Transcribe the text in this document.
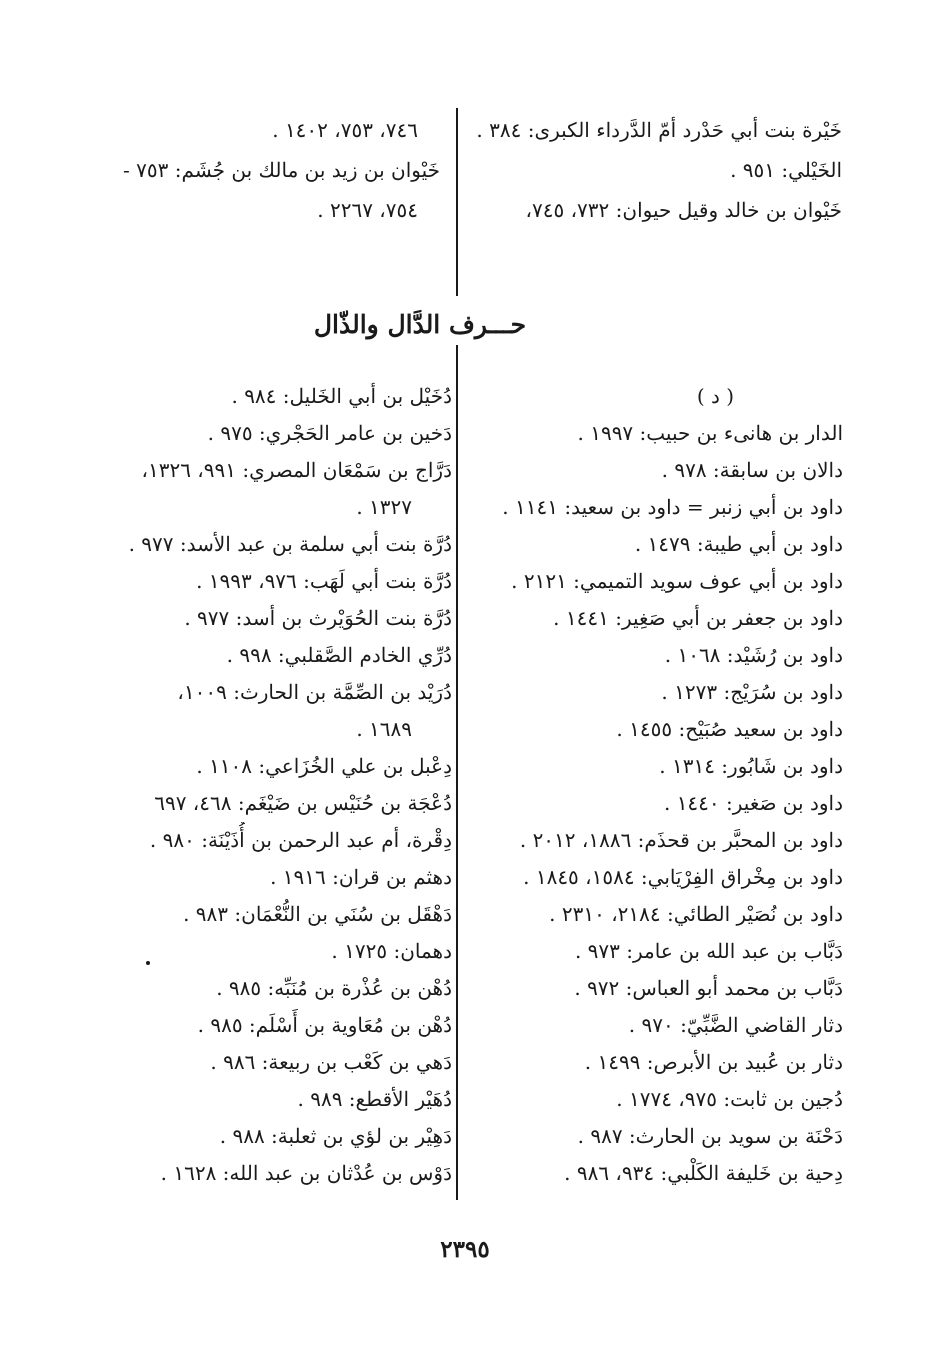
خَيْرة بنت أبي حَدْرد أمّ الدَّرداء الكبرى: ٣٨٤ .
الخَيْلي: ٩٥١ .
خَيْوان بن خالد وقيل حيوان: ٧٣٢، ٧٤٥،
٧٤٦، ٧٥٣، ١٤٠٢ .
خَيْوان بن زيد بن مالك بن جُشَم: ٧٥٣ -
٧٥٤، ٢٢٦٧ .
حـــرف الدَّال والذّال
( د )
الدار بن هانىء بن حبيب: ١٩٩٧ .
دالان بن سابقة: ٩٧٨ .
داود بن أبي زنبر = داود بن سعيد: ١١٤١ .
داود بن أبي طيبة: ١٤٧٩ .
داود بن أبي عوف سويد التميمي: ٢١٢١ .
داود بن جعفر بن أبي صَغِير: ١٤٤١ .
داود بن رُشَيْد: ١٠٦٨ .
داود بن سُرَيْج: ١٢٧٣ .
داود بن سعيد صُبَيْح: ١٤٥٥ .
داود بن شَابُور: ١٣١٤ .
داود بن صَغير: ١٤٤٠ .
داود بن المحبَّر بن قحذَم: ١٨٨٦، ٢٠١٢ .
داود بن مِخْراق الفِرْيَابي: ١٥٨٤، ١٨٤٥ .
داود بن نُصَيْر الطائي: ٢١٨٤، ٢٣١٠ .
دَبَّاب بن عبد الله بن عامر: ٩٧٣ .
دَبَّاب بن محمد أبو العباس: ٩٧٢ .
دثار القاضي الضَّبِّيّ: ٩٧٠ .
دثار بن عُبيد بن الأبرص: ١٤٩٩ .
دُجين بن ثابت: ٩٧٥، ١٧٧٤ .
دَحْنَة بن سويد بن الحارث: ٩٨٧ .
دِحية بن خَليفة الكَلْبي: ٩٣٤، ٩٨٦ .
دُخَيْل بن أبي الخَليل: ٩٨٤ .
دَخين بن عامر الحَجْري: ٩٧٥ .
دَرَّاج بن سَمْعَان المصري: ٩٩١، ١٣٢٦،
١٣٢٧ .
دُرَّة بنت أبي سلمة بن عبد الأسد: ٩٧٧ .
دُرَّة بنت أبي لَهَب: ٩٧٦، ١٩٩٣ .
دُرَّة بنت الحُوَيْرث بن أسد: ٩٧٧ .
دُرِّي الخادم الصَّقلبي: ٩٩٨ .
دُرَيْد بن الصِّمَّة بن الحارث: ١٠٠٩،
١٦٨٩ .
دِعْبل بن علي الخُزَاعي: ١١٠٨ .
دُعْجَة بن حُنَيْس بن ضَيْغَم: ٤٦٨، ٦٩٧
دِقْرة، أم عبد الرحمن بن أُذَيْنَة: ٩٨٠ .
دهثم بن قران: ١٩١٦ .
دَهْقَل بن سُنَي بن النُّعْمَان: ٩٨٣ .
دهمان: ١٧٢٥ .
دُهْن بن عُذْرة بن مُنَبِّه: ٩٨٥ .
دُهْن بن مُعَاوية بن أَسْلَم: ٩٨٥ .
دَهي بن كَعْب بن ربيعة: ٩٨٦ .
دُهَيْر الأقطع: ٩٨٩ .
دَهِيْر بن لؤي بن ثعلبة: ٩٨٨ .
دَوْس بن عُدْثان بن عبد الله: ١٦٢٨ .
٢٣٩٥
